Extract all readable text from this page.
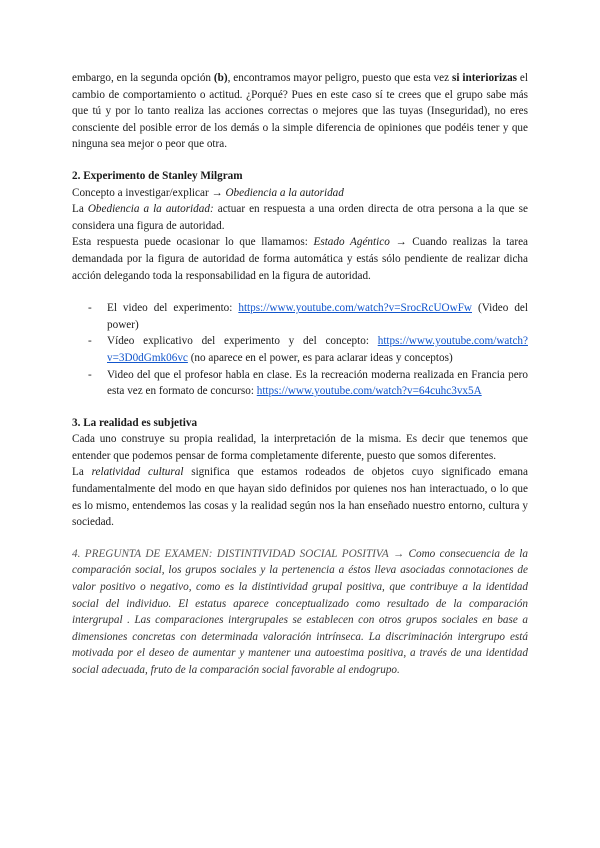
embargo, en la segunda opción (b), encontramos mayor peligro, puesto que esta vez si interiorizas el cambio de comportamiento o actitud. ¿Porqué? Pues en este caso sí te crees que el grupo sabe más que tú y por lo tanto realiza las acciones correctas o mejores que las tuyas (Inseguridad), no eres consciente del posible error de los demás o la simple diferencia de opiniones que podéis tener y que ninguna sea mejor o peor que otra.

2. Experimento de Stanley Milgram

Concepto a investigar/explicar → Obediencia a la autoridad

La Obediencia a la autoridad: actuar en respuesta a una orden directa de otra persona a la que se considera una figura de autoridad.

Esta respuesta puede ocasionar lo que llamamos: Estado Agéntico → Cuando realizas la tarea demandada por la figura de autoridad de forma automática y estás sólo pendiente de realizar dicha acción delegando toda la responsabilidad en la figura de autoridad.

- El video del experimento: https://www.youtube.com/watch?v=SrocRcUOwFw (Video del power)
- Vídeo explicativo del experimento y del concepto: https://www.youtube.com/watch?v=3D0dGmk06vc (no aparece en el power, es para aclarar ideas y conceptos)
- Video del que el profesor habla en clase. Es la recreación moderna realizada en Francia pero esta vez en formato de concurso: https://www.youtube.com/watch?v=64cuhc3vx5A
3. La realidad es subjetiva

Cada uno construye su propia realidad, la interpretación de la misma. Es decir que tenemos que entender que podemos pensar de forma completamente diferente, puesto que somos diferentes.

La relatividad cultural significa que estamos rodeados de objetos cuyo significado emana fundamentalmente del modo en que hayan sido definidos por quienes nos han interactuado, o lo que es lo mismo, entendemos las cosas y la realidad según nos la han enseñado nuestro entorno, cultura y sociedad.

4. PREGUNTA DE EXAMEN: DISTINTIVIDAD SOCIAL POSITIVA → Como consecuencia de la comparación social, los grupos sociales y la pertenencia a éstos lleva asociadas connotaciones de valor positivo o negativo, como es la distintividad grupal positiva, que contribuye a la identidad social del individuo. El estatus aparece conceptualizado como resultado de la comparación intergrupal . Las comparaciones intergrupales se establecen con otros grupos sociales en base a dimensiones concretas con determinada valoración intrínseca. La discriminación intergrupo está motivada por el deseo de aumentar y mantener una autoestima positiva, a través de una identidad social adecuada, fruto de la comparación social favorable al endogrupo.
